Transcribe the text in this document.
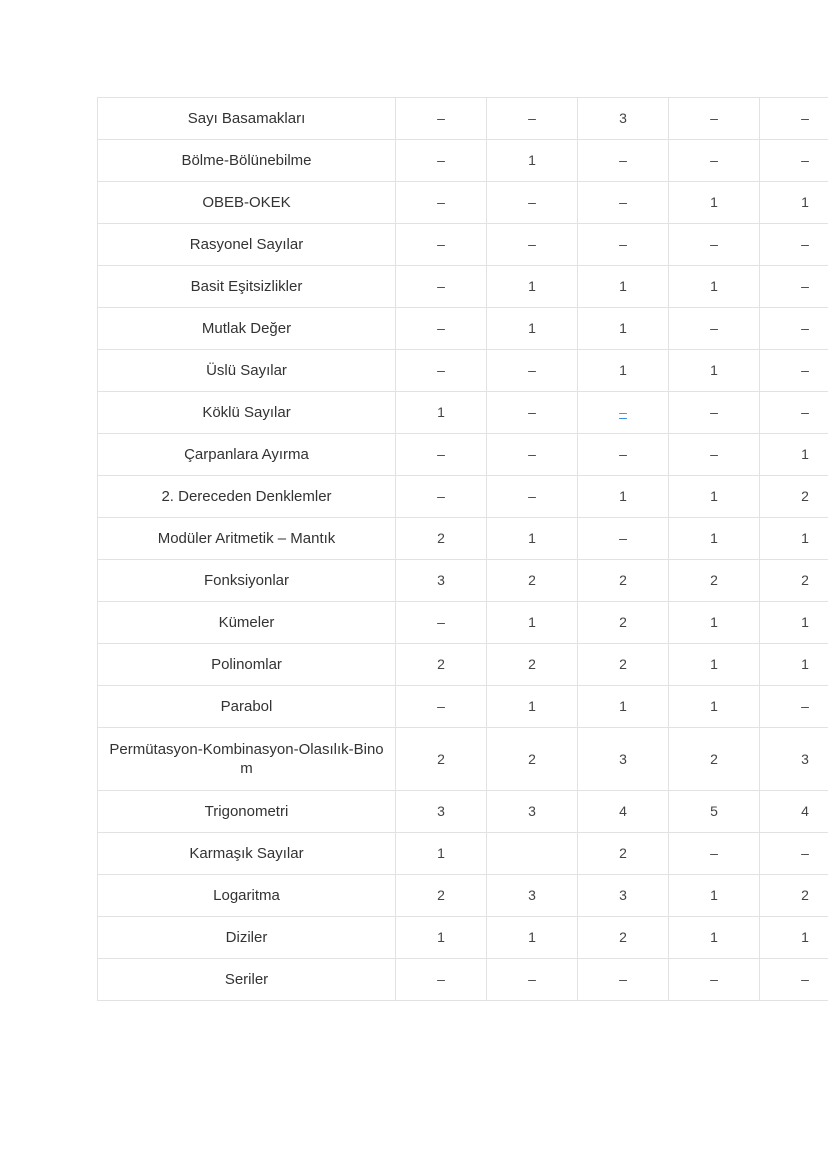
Sayı Basamakları	–	–	3	–	–
Bölme-Bölünebilme	–	1	–	–	–
OBEB-OKEK	–	–	–	1	1
Rasyonel Sayılar	–	–	–	–	–
Basit Eşitsizlikler	–	1	1	1	–
Mutlak Değer	–	1	1	–	–
Üslü Sayılar	–	–	1	1	–
Köklü Sayılar	1	–	–	–	–
Çarpanlara Ayırma	–	–	–	–	1
2. Dereceden Denklemler	–	–	1	1	2
Modüler Aritmetik – Mantık	2	1	–	1	1
Fonksiyonlar	3	2	2	2	2
Kümeler	–	1	2	1	1
Polinomlar	2	2	2	1	1
Parabol	–	1	1	1	–
Permütasyon-Kombinasyon-Olasılık-Binom	2	2	3	2	3
Trigonometri	3	3	4	5	4
Karmaşık Sayılar	1		2	–	–
Logaritma	2	3	3	1	2
Diziler	1	1	2	1	1
Seriler	–	–	–	–	–
